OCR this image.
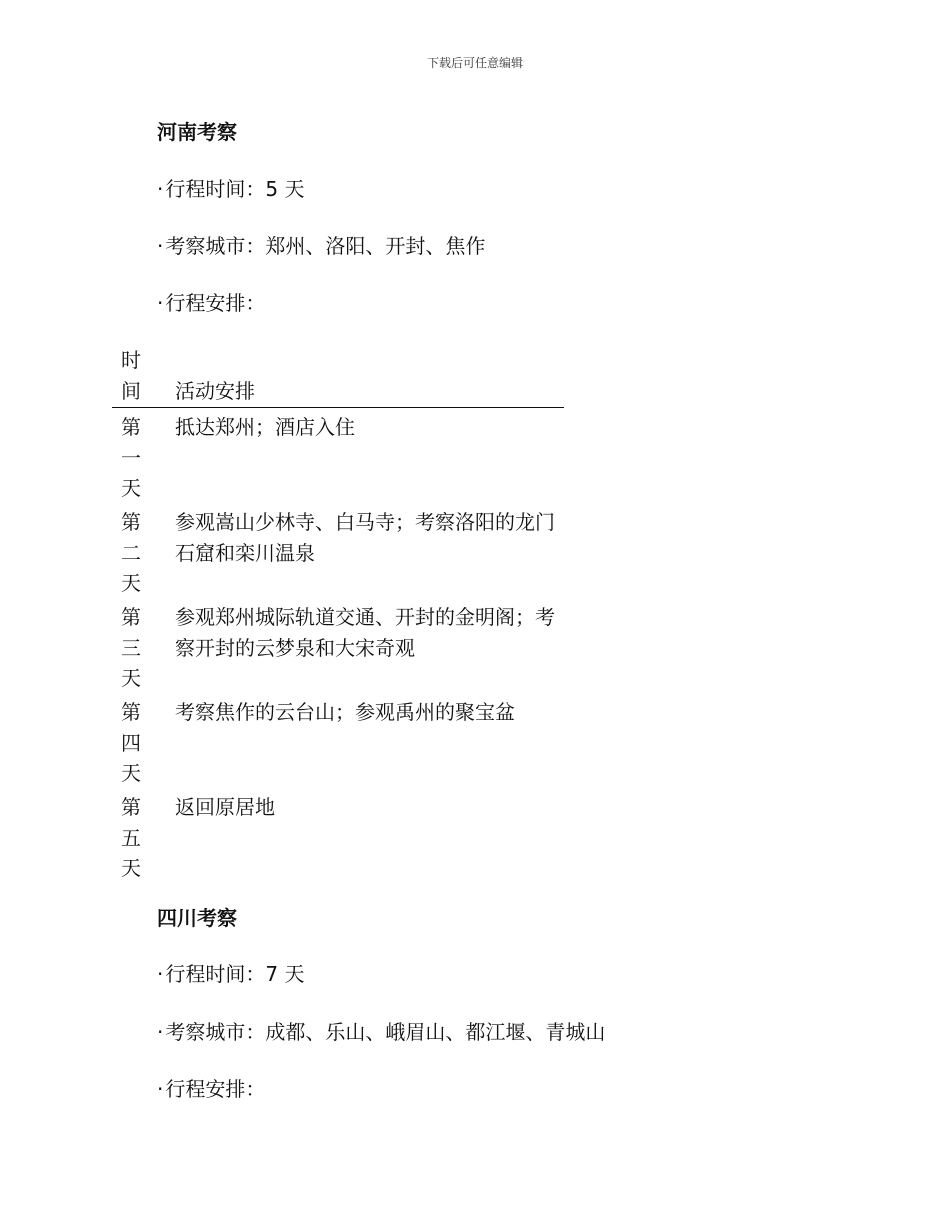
下载后可任意编辑
河南考察
· 行程时间：5 天
· 考察城市：郑州、洛阳、开封、焦作
· 行程安排：
时间 活动安排
第一天
抵达郑州；酒店入住
第二天
参观嵩山少林寺、白马寺；考察洛阳的龙门石窟和栾川温泉
第三天
参观郑州城际轨道交通、开封的金明阁；考察开封的云梦泉和大宋奇观
第四天
考察焦作的云台山；参观禹州的聚宝盆
第五天
返回原居地
四川考察
· 行程时间：7 天
· 考察城市：成都、乐山、峨眉山、都江堰、青城山
· 行程安排：
